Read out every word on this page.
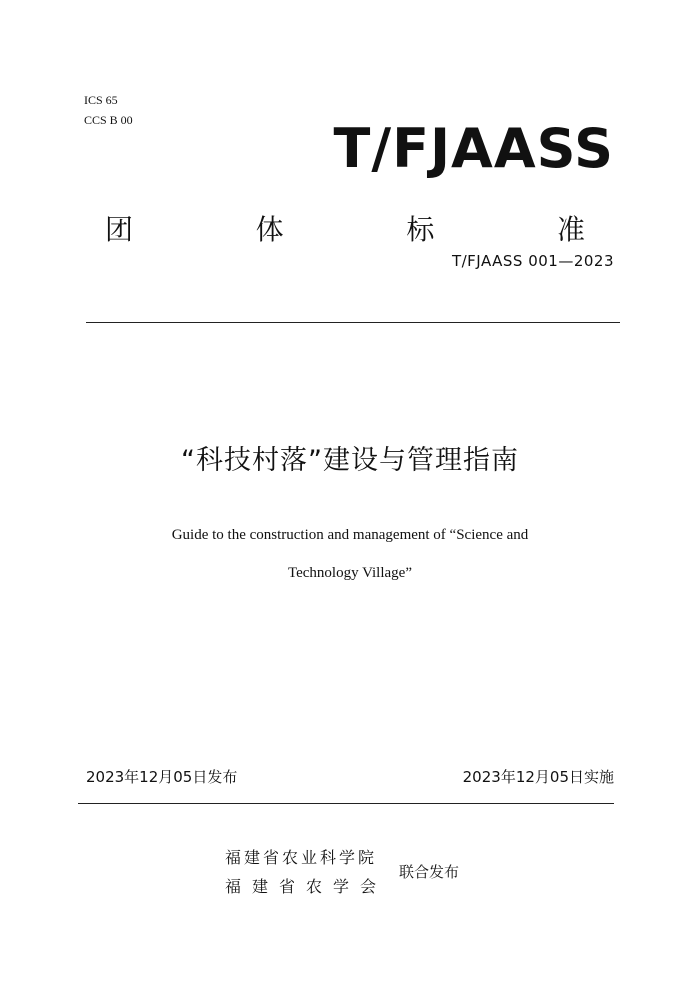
ICS 65
CCS B 00	T/FJAASS
团	体	标	准
T/FJAASS 001—2023
“科技村落”建设与管理指南
Guide to the construction and management of “Science and
Technology Village”
2023年12月05日发布	2023年12月05日实施
福建省农业科学院
福建省农学会
联合发布
